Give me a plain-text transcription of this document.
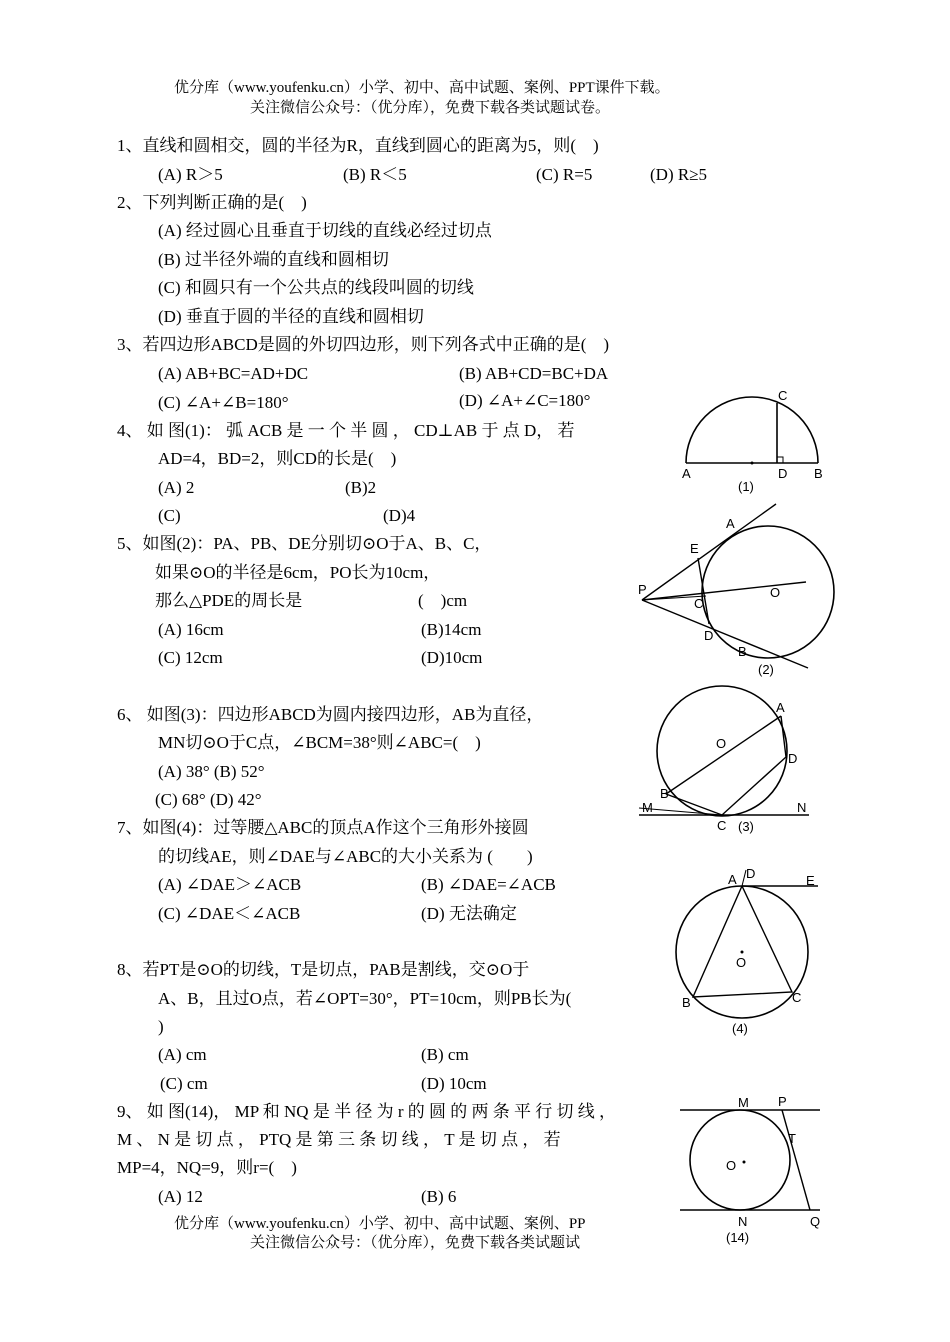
优分库（www.youfenku.cn）小学、初中、高中试题、案例、PPT课件下载。
关注微信公众号：（优分库），免费下载各类试题试卷。
1、直线和圆相交，圆的半径为R，直线到圆心的距离为5，则(　)
(A) R＞5	(B) R＜5	(C) R=5	(D) R≥5
2、下列判断正确的是(　)
(A) 经过圆心且垂直于切线的直线必经过切点
(B) 过半径外端的直线和圆相切
(C) 和圆只有一个公共点的线段叫圆的切线
(D) 垂直于圆的半径的直线和圆相切
3、若四边形ABCD是圆的外切四边形，则下列各式中正确的是(　)
(A) AB+BC=AD+DC	(B) AB+CD=BC+DA
(C) ∠A+∠B=180°	(D) ∠A+∠C=180°
4、 如 图(1)： 弧 ACB 是 一 个 半 圆 ， CD⊥AB 于 点 D， 若
AD=4，BD=2，则CD的长是(　)
(A) 2	(B)2
(C)	(D)4
5、如图(2)：PA、PB、DE分别切⊙O于A、B、C，
如果⊙O的半径是6cm，PO长为10cm，
那么△PDE的周长是	(　)cm
(A) 16cm	(B)14cm
(C) 12cm	(D)10cm
6、 如图(3)：四边形ABCD为圆内接四边形，AB为直径，
MN切⊙O于C点，∠BCM=38°则∠ABC=(　)
(A) 38° (B) 52°
(C) 68° (D) 42°
7、如图(4)：过等腰△ABC的顶点A作这个三角形外接圆
的切线AE，则∠DAE与∠ABC的大小关系为 (　　)
(A) ∠DAE＞∠ACB	(B) ∠DAE=∠ACB
(C) ∠DAE＜∠ACB	(D) 无法确定
8、若PT是⊙O的切线，T是切点，PAB是割线，交⊙O于
A、B，且过O点，若∠OPT=30°，PT=10cm，则PB长为(
)
(A) cm	(B) cm
(C) cm	(D) 10cm
9、 如 图(14)， MP 和 NQ 是 半 径 为 r 的 圆 的 两 条 平 行 切 线 ，
M 、 N 是 切 点 ， PTQ 是 第 三 条 切 线 ， T 是 切 点 ， 若
MP=4，NQ=9，则r=(　)
(A) 12	(B) 6
优分库（www.youfenku.cn）小学、初中、高中试题、案例、PP
关注微信公众号：（优分库），免费下载各类试题试
A
C
D B
(1)
P
A
E
C
O
D
B
(2)
A
O
D
B
M
C
N
(3)
A D	E
O
B	C
(4)
M P
T
O
N	Q
(14)
